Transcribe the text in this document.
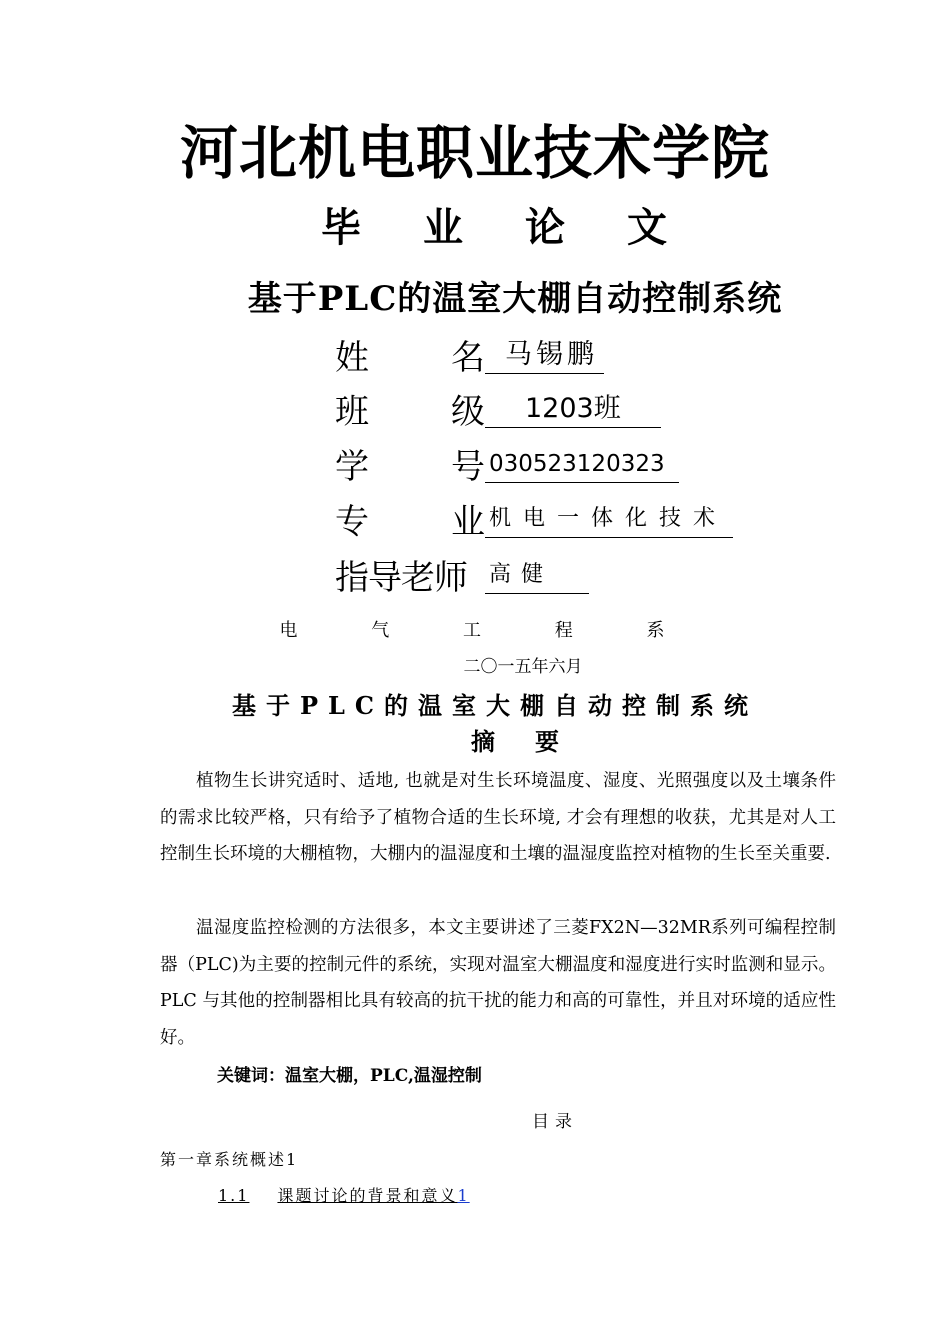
河北机电职业技术学院
毕业论文
基于PLC的温室大棚自动控制系统
姓 名 马锡鹏
班 级	1203班
学 号 030523120323
专 业 机电一体化技术
指导老师	高健
电	气	工	程	系
二〇一五年六月
基于PLC的温室大棚自动控制系统
摘要
植物生长讲究适时、适地, 也就是对生长环境温度、湿度、光照强度以及土壤条件的需求比较严格，只有给予了植物合适的生长环境, 才会有理想的收获，尤其是对人工控制生长环境的大棚植物，大棚内的温湿度和土壤的温湿度监控对植物的生长至关重要.
温湿度监控检测的方法很多，本文主要讲述了三菱FX2N—32MR系列可编程控制器（PLC)为主要的控制元件的系统，实现对温室大棚温度和湿度进行实时监测和显示。PLC 与其他的控制器相比具有较高的抗干扰的能力和高的可靠性，并且对环境的适应性好。
关键词：温室大棚，PLC,温湿控制
目录
第一章系统概述1
1.1 课题讨论的背景和意义1
